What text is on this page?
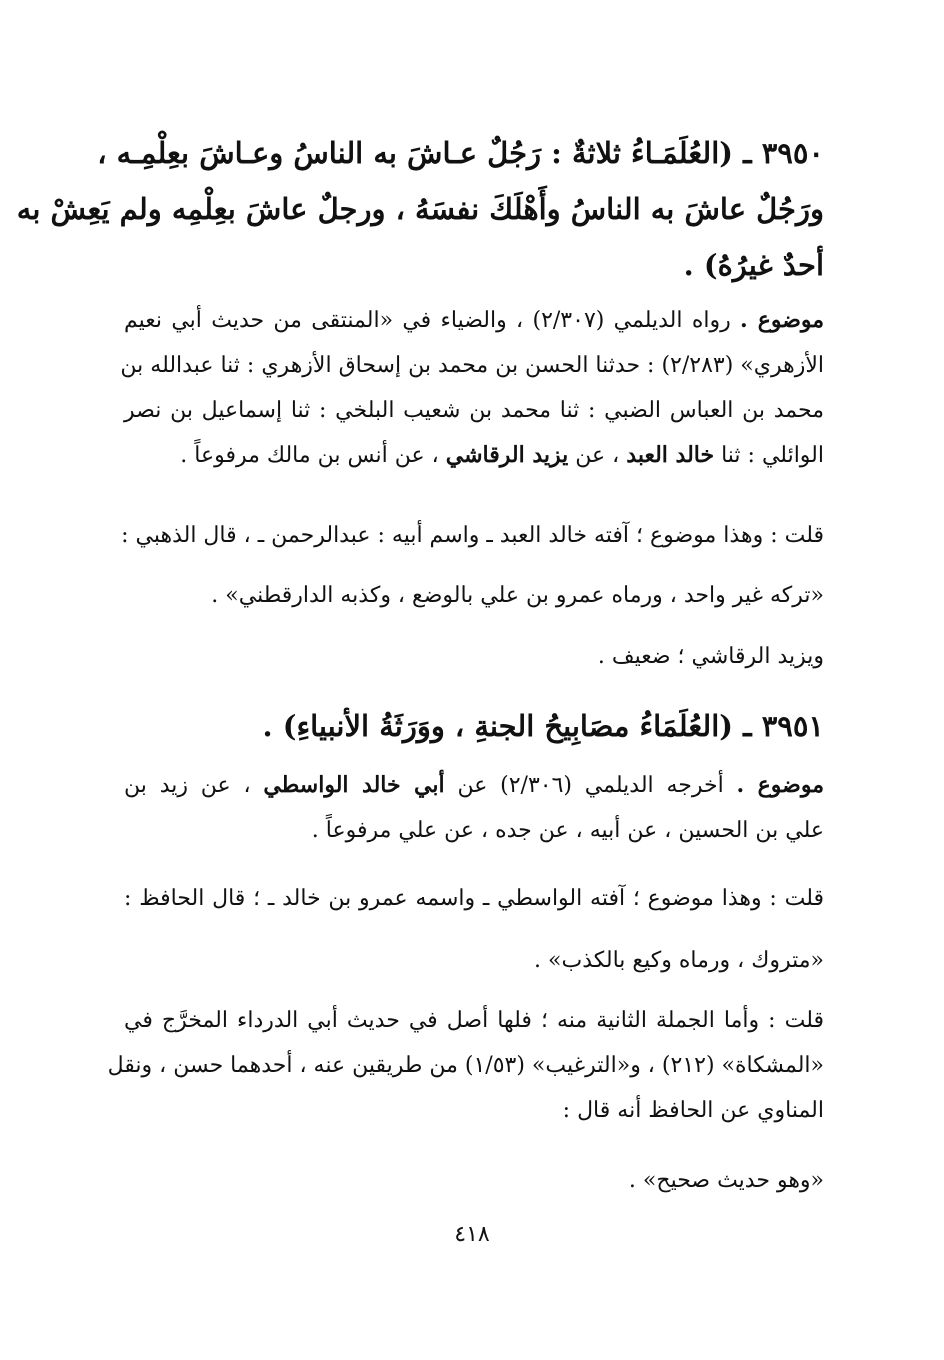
٣٩٥٠ ـ (العُلَمَـاءُ ثلاثةٌ : رَجُلٌ عـاشَ به الناسُ وعـاشَ بعِلْمِـه ،
ورَجُلٌ عاشَ به الناسُ وأَهْلَكَ نفسَهُ ، ورجلٌ عاشَ بعِلْمِه ولم يَعِشْ به
أحدٌ غيرُهُ) .
موضوع . رواه الديلمي (٢/٣٠٧) ، والضياء في «المنتقى من حديث أبي نعيم
الأزهري» (٢/٢٨٣) : حدثنا الحسن بن محمد بن إسحاق الأزهري : ثنا عبدالله بن
محمد بن العباس الضبي : ثنا محمد بن شعيب البلخي : ثنا إسماعيل بن نصر
الوائلي : ثنا خالد العبد ، عن يزيد الرقاشي ، عن أنس بن مالك مرفوعاً .
قلت : وهذا موضوع ؛ آفته خالد العبد ـ واسم أبيه : عبدالرحمن ـ ، قال الذهبي :
«تركه غير واحد ، ورماه عمرو بن علي بالوضع ، وكذبه الدارقطني» .
ويزيد الرقاشي ؛ ضعيف .
٣٩٥١ ـ (العُلَمَاءُ مصَابِيحُ الجنةِ ، ووَرَثَةُ الأنبياءِ) .
موضوع . أخرجه الديلمي (٢/٣٠٦) عن أبي خالد الواسطي ، عن زيد بن
علي بن الحسين ، عن أبيه ، عن جده ، عن علي مرفوعاً .
قلت : وهذا موضوع ؛ آفته الواسطي ـ واسمه عمرو بن خالد ـ ؛ قال الحافظ :
«متروك ، ورماه وكيع بالكذب» .
قلت : وأما الجملة الثانية منه ؛ فلها أصل في حديث أبي الدرداء المخرَّج في
«المشكاة» (٢١٢) ، و«الترغيب» (١/٥٣) من طريقين عنه ، أحدهما حسن ، ونقل
المناوي عن الحافظ أنه قال :
«وهو حديث صحيح» .
٤١٨
